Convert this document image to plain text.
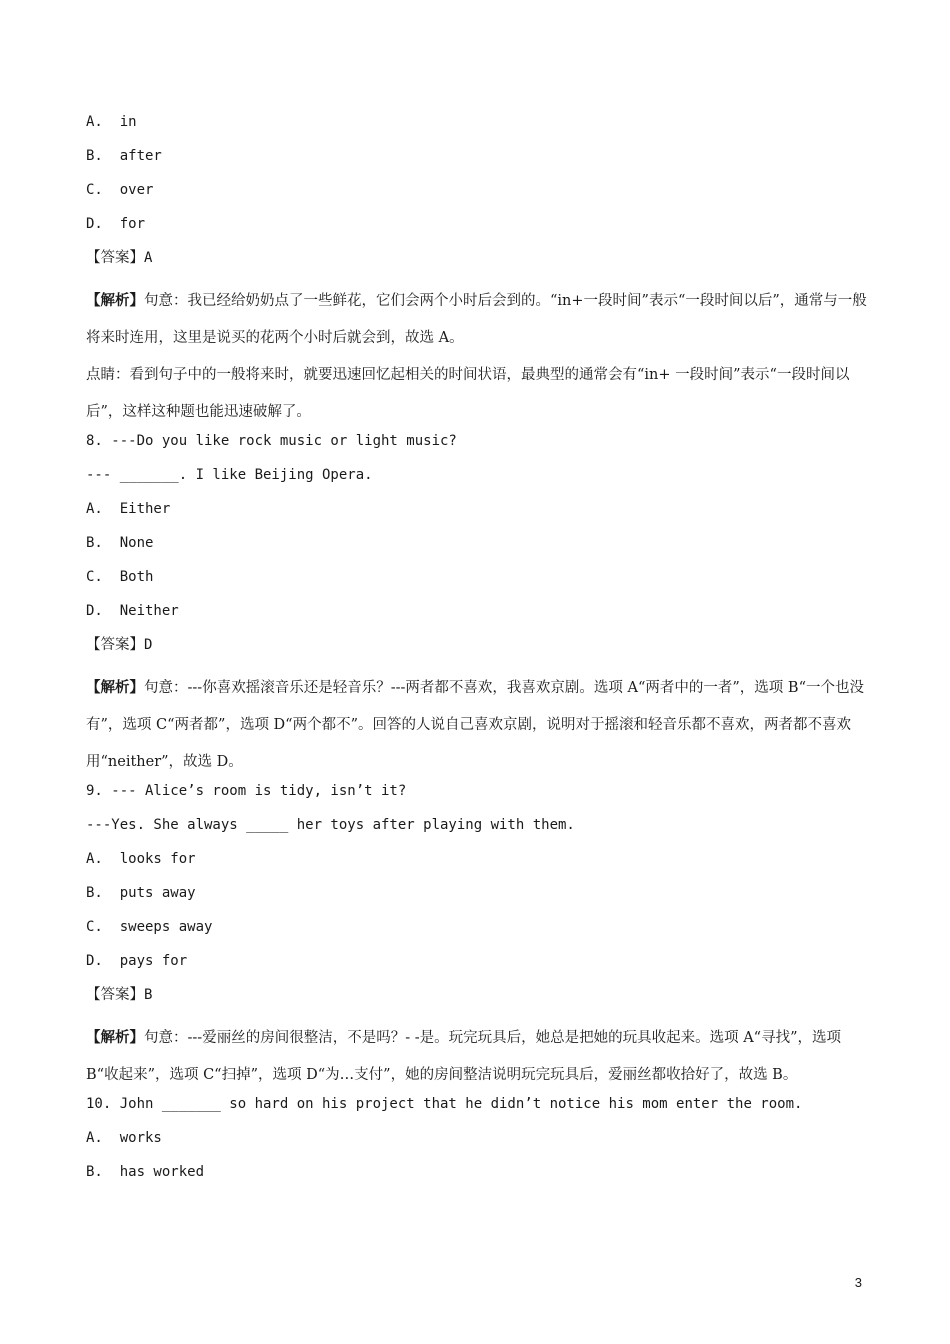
A.  in

B.  after

C.  over

D.  for

【答案】A

【解析】句意：我已经给奶奶点了一些鲜花，它们会两个小时后会到的。“in+一段时间”表示“一段时间以后”，通常与一般将来时连用，这里是说买的花两个小时后就会到，故选 A。

点睛：看到句子中的一般将来时，就要迅速回忆起相关的时间状语，最典型的通常会有“in+ 一段时间”表示“一段时间以后”，这样这种题也能迅速破解了。

8. ---Do you like rock music or light music?

--- _______. I like Beijing Opera.

A.  Either

B.  None

C.  Both

D.  Neither

【答案】D

【解析】句意：---你喜欢摇滚音乐还是轻音乐？---两者都不喜欢，我喜欢京剧。选项 A“两者中的一者”，选项 B“一个也没有”，选项 C“两者都”，选项 D“两个都不”。回答的人说自己喜欢京剧，说明对于摇滚和轻音乐都不喜欢，两者都不喜欢用“neither”，故选 D。

9. --- Alice’s room is tidy, isn’t it?

---Yes. She always _____ her toys after playing with them.

A.  looks for

B.  puts away

C.  sweeps away

D.  pays for

【答案】B

【解析】句意：---爱丽丝的房间很整洁，不是吗？- -是。玩完玩具后，她总是把她的玩具收起来。选项 A“寻找”，选项 B“收起来”，选项 C“扫掉”，选项 D“为…支付”，她的房间整洁说明玩完玩具后，爱丽丝都收拾好了，故选 B。

10. John _______ so hard on his project that he didn’t notice his mom enter the room.

A.  works

B.  has worked

3
